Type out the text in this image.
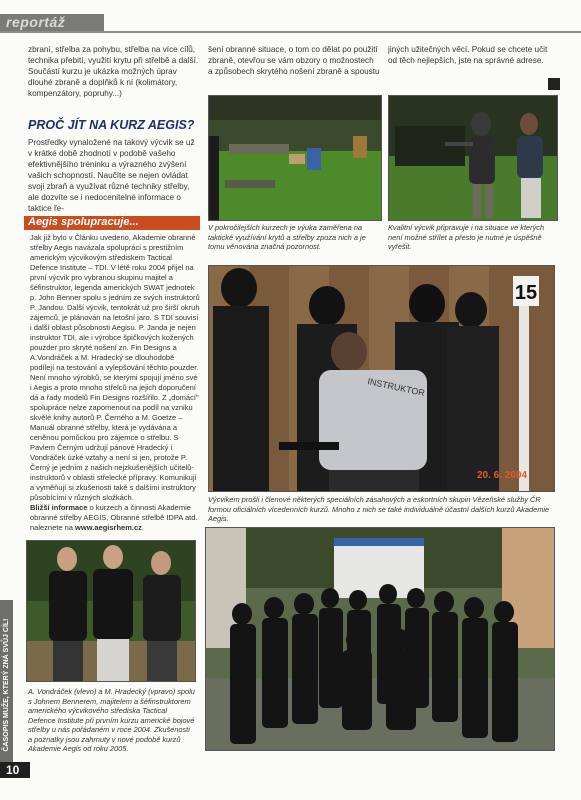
reportáž

zbraní, střelba za pohybu, střelba na více cílů, technika přebití, využití krytu při střelbě a další. Součástí kurzu je ukázka možných úprav dlouhé zbraně a doplňků k ní (kolimátory, kompenzátory, popruhy...)

šení obranné situace, o tom co dělat po použití zbraně, otevřou se vám obzory o možnostech a způsobech skrytého nošení zbraně a spoustu

jiných užitečných věcí. Pokud se chcete učit od těch nejlepších, jste na správné adrese.

PROČ JÍT NA KURZ AEGIS?

Prostředky vynaložené na takový výcvik se už v krátké době zhodnotí v podobě vašeho efektivnějšího tréninku a výrazného zvýšení vašich schopností. Naučíte se nejen ovládat svoji zbraň a využívat různé techniky střelby, ale dozvíte se i nedocenitelné informace o taktice ře-

V pokročilejších kurzech je výuka zaměřena na taktické využívání krytů a střelby zpoza nich a je tomu věnována značná pozornost.

Kvalitní výcvik připravuje i na situace ve kterých není možné střílet a přesto je nutné je úspěšně vyřešit.

Aegis spolupracuje...
Jak již bylo v Článku uvedeno, Akademie obranné střelby Aegis navázala spolupráci s prestižním americkým výcvikovým střediskem Tactical Defence Institute – TDI. V létě roku 2004 přijel na první výcvik pro vybranou skupinu majitel a šéfinstruktor, legenda amerických SWAT jednotek p. John Benner spolu s jedním ze svých instruktorů P. Jandou. Další výcvik, tentokrát už pro širší okruh zájemců, je plánován na letošní jaro. S TDI souvisí i další oblast působnosti Aegisu. P. Janda je nejen instruktor TDI, ale i výrobce špičkových kožených pouzder pro skryté nošení zn. Fin Designs a A.Vondráček a M. Hradecký se dlouhodobě podílejí na testování a vylepšování těchto pouzder. Není mnoho výrobků, se kterými spojují jméno své i Aegis a proto mnoho střelců na jejich doporučení dá a řady modelů Fin Designs rozšířilo. Z „domácí" spolupráce nelze zapomenout na podíl na vzniku skvělé knihy autorů P. Černého a M. Goetze – Manuál obranné střelby, která je vydávána a ceněnou pomůckou pro zájemce o střelbu. S Pavlem Černým udržují pánové Hradecký i Vondráček úzké vztahy a není si jen, protože P. Černý je jedním z našich nejzkušenějších učitelů-instruktorů v oblasti střelecké přípravy. Komunikují a vyměňují si zkušenosti také s dalšími instruktory působícími v různých složkách.
Bližší informace o kurzech a činnosti Akademie obranné střelby AEGIS, Obranné střelbě IDPA atd. naleznete na www.aegisrhem.cz
15
INSTRUKTOR
20. 6. 2004

Výcvikem prošli i členové některých speciálních zásahových a eskortních skupin Vězeňské služby ČR formou oficiálních vícedenních kurzů. Mnoho z nich se také individuálně účastní dalších kurzů Akademie Aegis.

A. Vondráček (vlevo) a M. Hradecký (vpravo) spolu s Johnem Bennerem, majitelem a šéfinstruktorem amerického výcvikového střediska Tactical Defence Institute při prvním kurzu americké bojové střelby u nás pořádaném v roce 2004. Zkušenosti a poznatky jsou zahrnuty v nové podobě kurzů Akademie Aegis od roku 2005.

ČASOPIS MUŽE, KTERÝ ZNÁ SVŮJ CÍL!
10
